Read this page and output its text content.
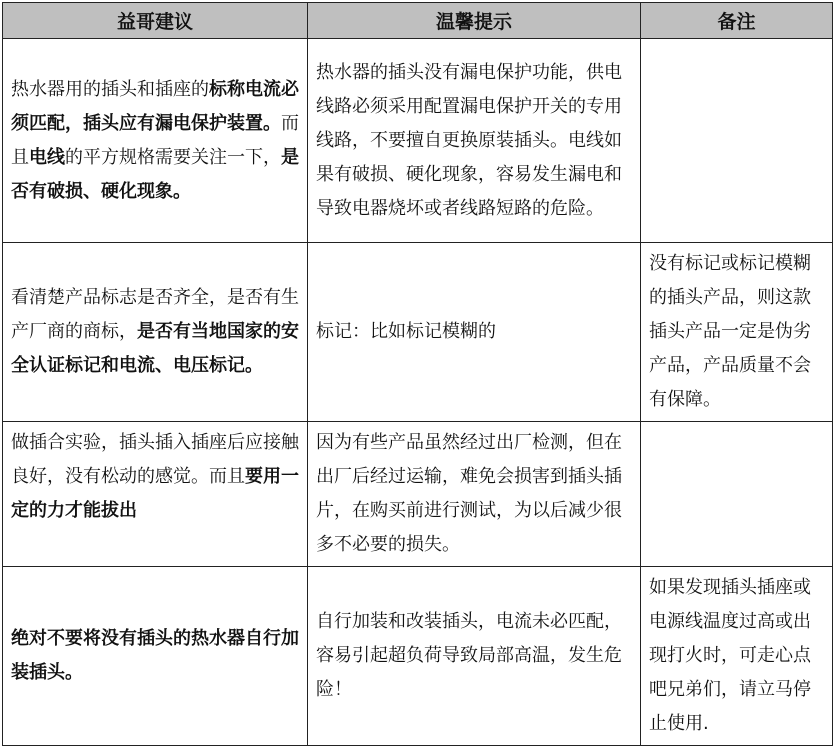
益哥建议	温馨提示	备注
热水器用的插头和插座的标称电流必须匹配，插头应有漏电保护装置。而且电线的平方规格需要关注一下，是否有破损、硬化现象。	热水器的插头没有漏电保护功能，供电线路必须采用配置漏电保护开关的专用线路，不要擅自更换原装插头。电线如果有破损、硬化现象，容易发生漏电和导致电器烧坏或者线路短路的危险。	
看清楚产品标志是否齐全，是否有生产厂商的商标，是否有当地国家的安全认证标记和电流、电压标记。	标记：比如标记模糊的	没有标记或标记模糊的插头产品，则这款插头产品一定是伪劣产品，产品质量不会有保障。
做插合实验，插头插入插座后应接触良好，没有松动的感觉。而且要用一定的力才能拔出	因为有些产品虽然经过出厂检测，但在出厂后经过运输，难免会损害到插头插片，在购买前进行测试，为以后减少很多不必要的损失。	
绝对不要将没有插头的热水器自行加装插头。	自行加装和改装插头，电流未必匹配，容易引起超负荷导致局部高温，发生危险！	如果发现插头插座或电源线温度过高或出现打火时，可走心点吧兄弟们，请立马停止使用.
